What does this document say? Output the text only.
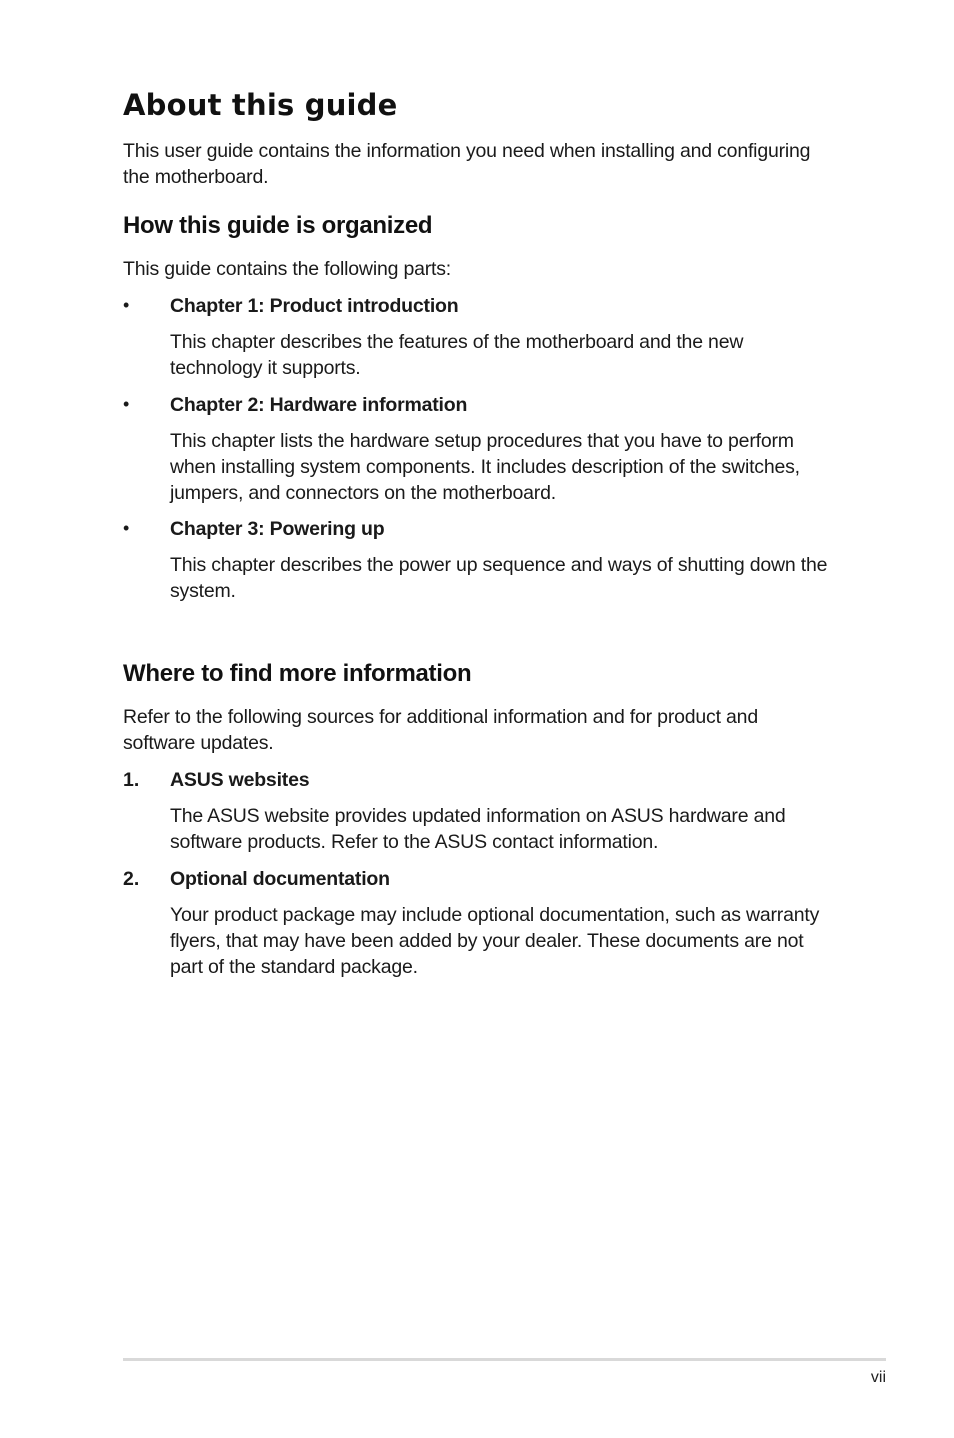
About this guide

This user guide contains the information you need when installing and configuring the motherboard.

How this guide is organized

This guide contains the following parts:

• Chapter 1: Product introduction

This chapter describes the features of the motherboard and the new technology it supports.

• Chapter 2: Hardware information

This chapter lists the hardware setup procedures that you have to perform when installing system components. It includes description of the switches, jumpers, and connectors on the motherboard.

• Chapter 3: Powering up

This chapter describes the power up sequence and ways of shutting down the system.

Where to find more information

Refer to the following sources for additional information and for product and software updates.

1. ASUS websites

The ASUS website provides updated information on ASUS hardware and software products. Refer to the ASUS contact information.

2. Optional documentation

Your product package may include optional documentation, such as warranty flyers, that may have been added by your dealer. These documents are not part of the standard package.

vii
